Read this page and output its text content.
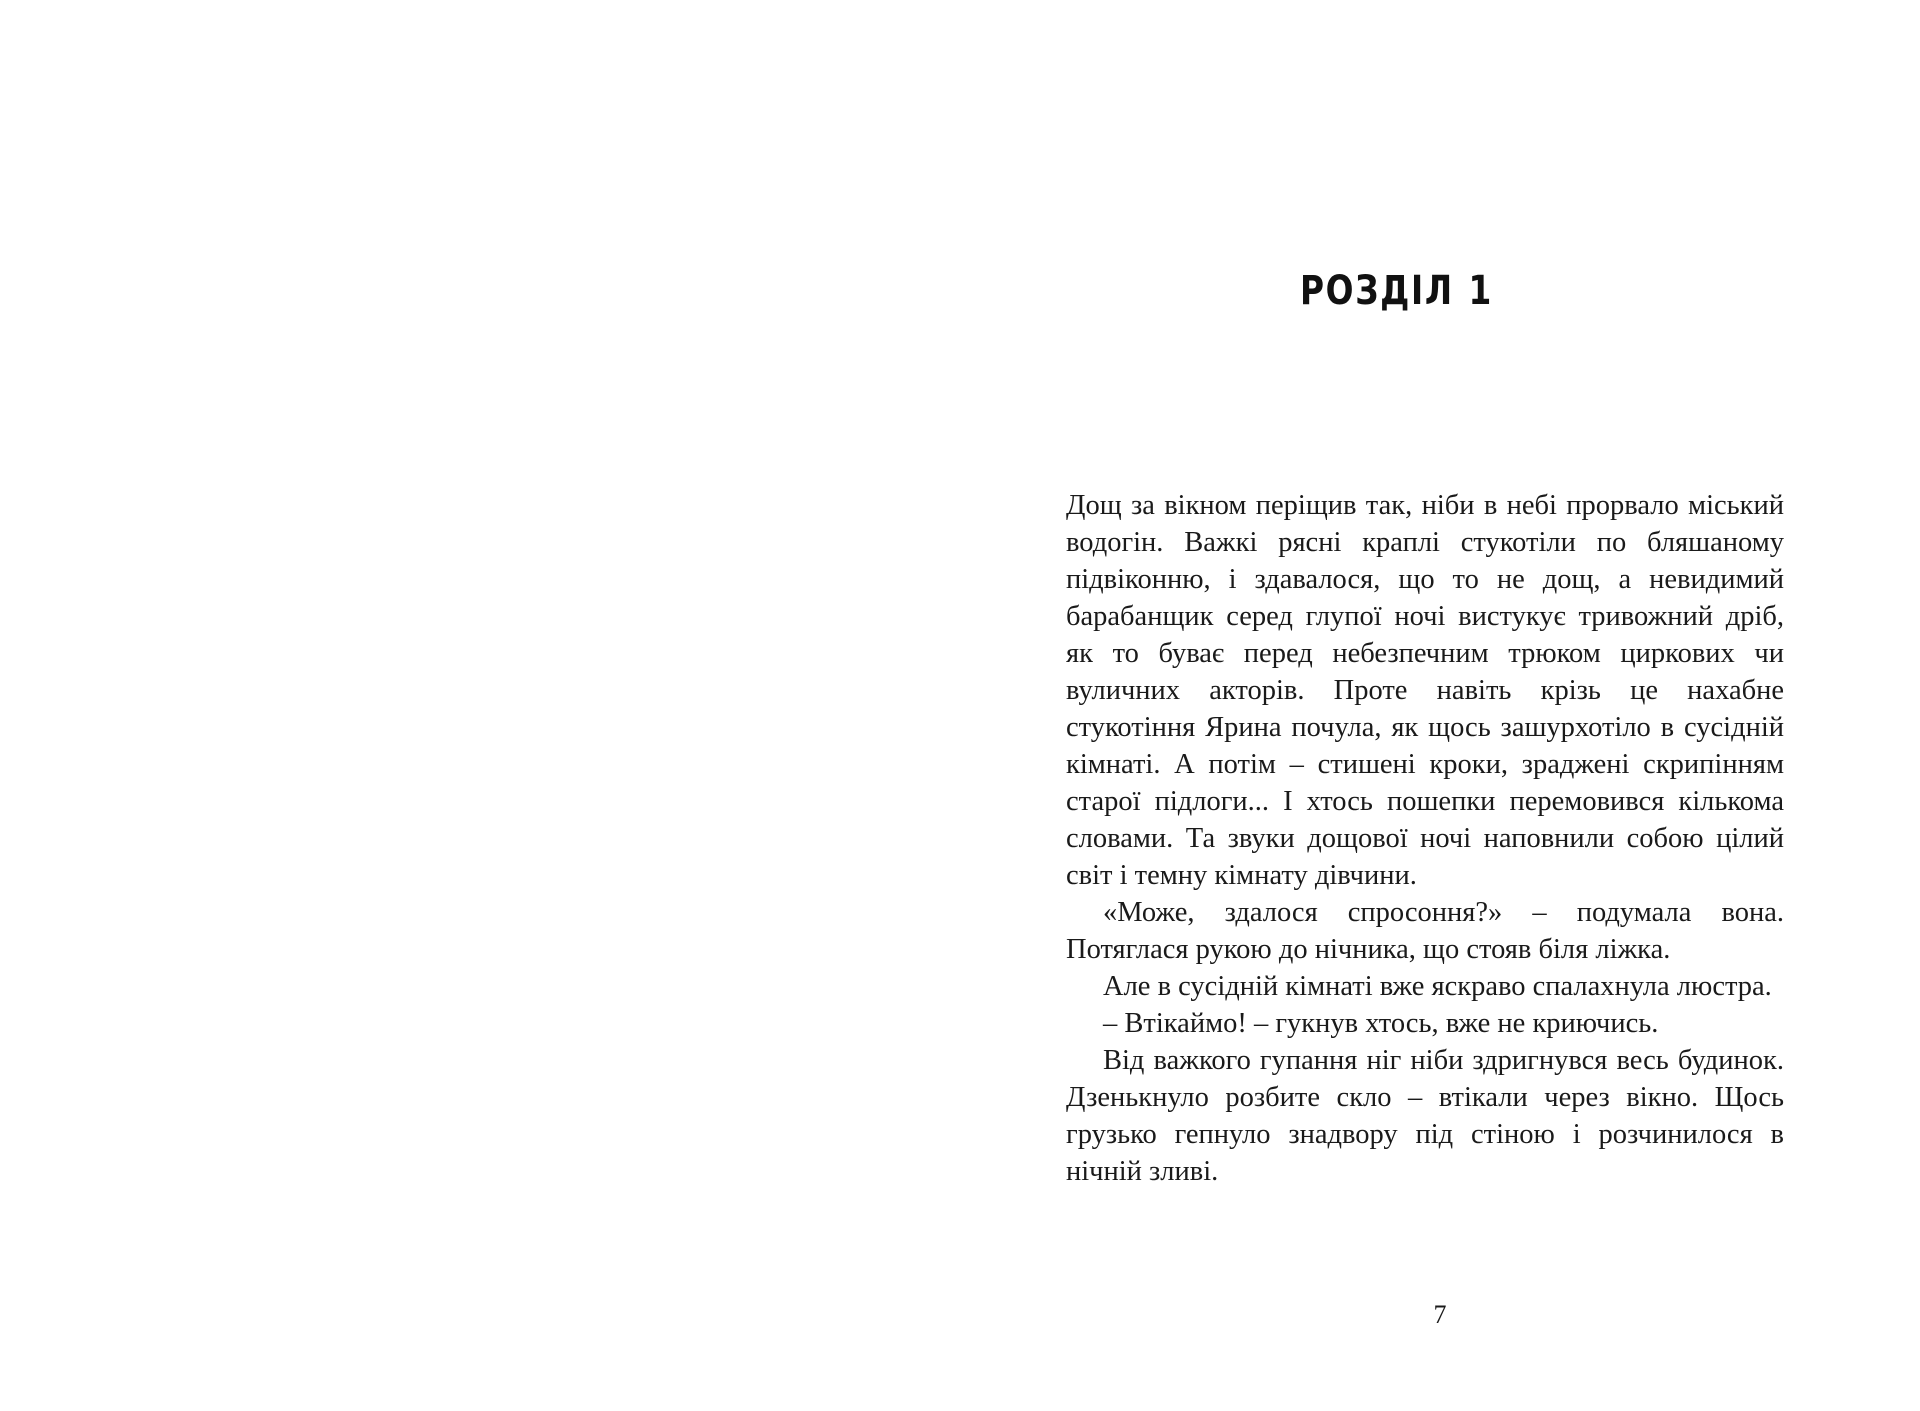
РОЗДІЛ 1

Дощ за вікном періщив так, ніби в небі прорвало міський водогін. Важкі рясні краплі стукотіли по бляшаному підвіконню, і здавалося, що то не дощ, а невидимий барабанщик серед глупої ночі вистукує тривожний дріб, як то буває перед небезпечним трюком циркових чи вуличних акторів. Проте навіть крізь це нахабне стукотіння Ярина почула, як щось зашурхотіло в сусідній кімнаті. А потім – стишені кроки, зраджені скрипінням старої підлоги... І хтось пошепки перемовився кількома словами. Та звуки дощової ночі наповнили собою цілий світ і темну кімнату дівчини.

«Може, здалося спросоння?» – подумала вона. Потяглася рукою до нічника, що стояв біля ліжка.

Але в сусідній кімнаті вже яскраво спалахнула люстра.

– Втікаймо! – гукнув хтось, вже не криючись.

Від важкого гупання ніг ніби здригнувся весь будинок. Дзенькнуло розбите скло – втікали через вікно. Щось грузько гепнуло знадвору під стіною і розчинилося в нічній зливі.

7
